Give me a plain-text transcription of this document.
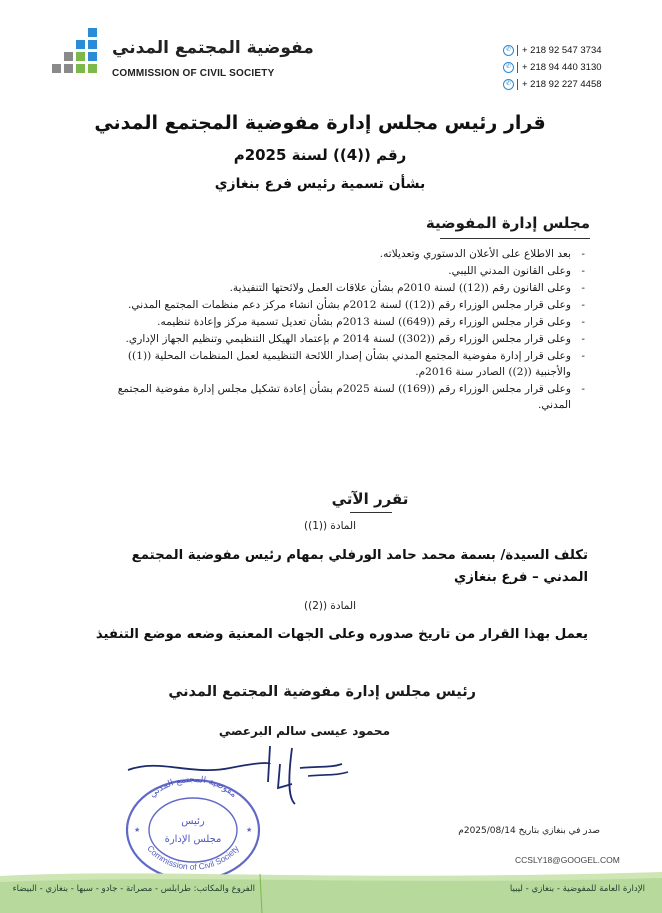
مفوضية المجتمع المدني
COMMISSION OF CIVIL SOCIETY
✆	+ 218 92 547 3734
✆	+ 218 94 440 3130
✆	+ 218 92 227 4458
قرار رئيس مجلس إدارة مفوضية المجتمع المدني
رقم ((4)) لسنة 2025م
بشأن تسمية رئيس فرع بنغازي
مجلس إدارة المفوضية
- بعد الاطلاع على الأعلان الدستوري وتعديلاته.
- وعلى القانون المدني الليبي.
- وعلى القانون رقم ((12)) لسنة 2010م بشأن علاقات العمل ولائحتها التنفيذية.
- وعلى قرار مجلس الوزراء رقم ((12)) لسنة 2012م بشأن انشاء مركز دعم منظمات المجتمع المدني.
- وعلى قرار مجلس الوزراء رقم ((649)) لسنة 2013م بشأن تعديل تسمية مركز وإعادة تنظيمه.
- وعلى قرار مجلس الوزراء رقم ((302)) لسنة 2014 م بإعتماد الهيكل التنظيمي وتنظيم الجهاز الإداري.
- وعلى قرار إدارة مفوضية المجتمع المدني بشأن إصدار اللائحة التنظيمية لعمل المنظمات المحلية ((1)) والأجنبية ((2)) الصادر سنة 2016م.
- وعلى قرار مجلس الوزراء رقم ((169)) لسنة 2025م بشأن إعادة تشكيل مجلس إدارة مفوضية المجتمع المدني.
تقرر الآتي
المادة ((1))
تكلف السيدة/ بسمة محمد حامد الورفلي بمهام رئيس مفوضية المجتمع المدني – فرع بنغازي
المادة ((2))
يعمل بهذا القرار من تاريخ صدوره وعلى الجهات المعنية وضعه موضع التنفيذ
رئيس مجلس إدارة مفوضية المجتمع المدني
محمود عيسى سالم البرعصي
مفوضية المجتمع المدني
Commission of Civil Society
رئيس
مجلس الإدارة
★	★	صدر في بنغازي بتاريخ 2025/08/14م
CCSLY18@GOOGEL.COM
الفروع والمكاتب: طرابلس - مصراتة - جادو - سبها - بنغازي - البيضاء	الإدارة العامة للمفوضية - بنغازي - ليبيا
